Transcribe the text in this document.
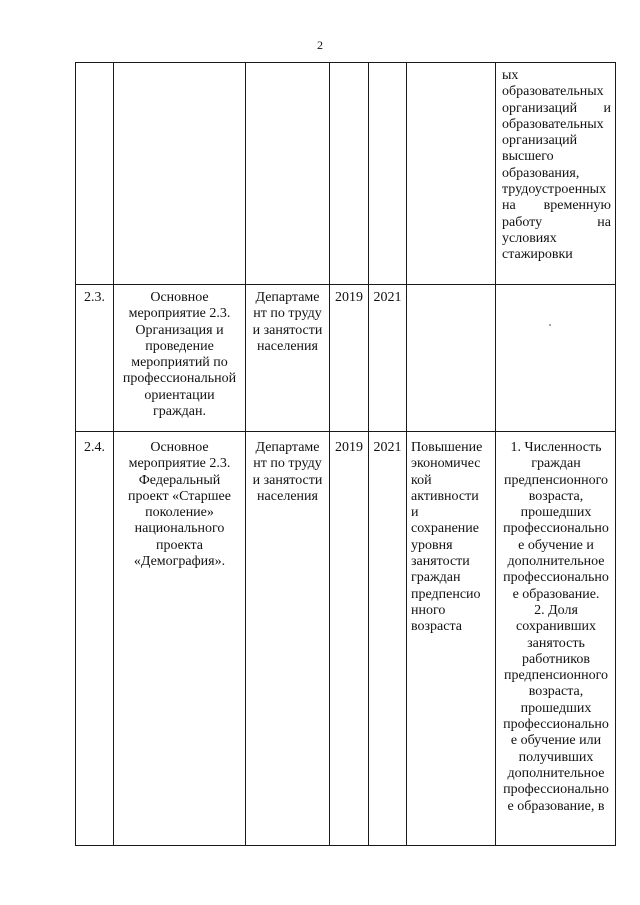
2
ых
образовательных
организаций и
образовательных
организаций
высшего
образования,
трудоустроенных
на временную
работу на
условиях
стажировки
2.3.	Основное
мероприятие 2.3.
Организация и
проведение
мероприятий по
профессиональной
ориентации
граждан.
Департаме
нт по труду
и занятости
населения
2019 2021
2.4.	Основное
мероприятие 2.3.
Федеральный
проект «Старшее
поколение»
национального
проекта
«Демография».
Департаме
нт по труду
и занятости
населения
2019 2021 Повышение
экономичес
кой
активности
и
сохранение
уровня
занятости
граждан
предпенсио
нного
возраста
1. Численность
граждан
предпенсионного
возраста,
прошедших
профессионально
е обучение и
дополнительное
профессионально
е образование.
2. Доля
сохранивших
занятость
работников
предпенсионного
возраста,
прошедших
профессионально
е обучение или
получивших
дополнительное
профессионально
е образование, в
